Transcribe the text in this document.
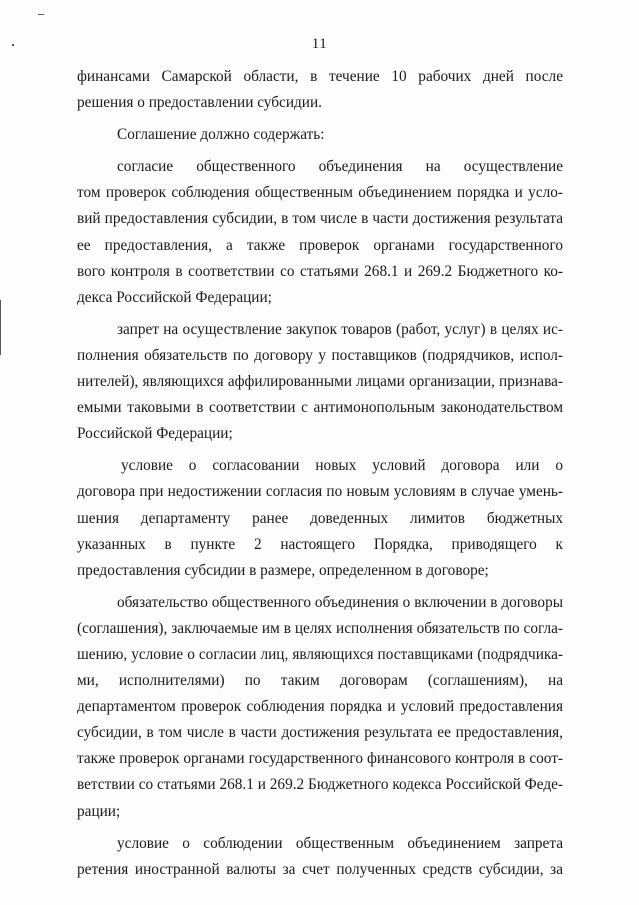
11
финансами Самарской области, в течение 10 рабочих дней после
решения о предоставлении субсидии.
Соглашение должно содержать:
согласие общественного объединения на осуществление
том проверок соблюдения общественным объединением порядка и усло-
вий предоставления субсидии, в том числе в части достижения результата
ее предоставления, а также проверок органами государственного
вого контроля в соответствии со статьями 268.1 и 269.2 Бюджетного ко-
декса Российской Федерации;
запрет на осуществление закупок товаров (работ, услуг) в целях ис-
полнения обязательств по договору у поставщиков (подрядчиков, испол-
нителей), являющихся аффилированными лицами организации, признава-
емыми таковыми в соответствии с антимонопольным законодательством
Российской Федерации;
условие о согласовании новых условий договора или о
договора при недостижении согласия по новым условиям в случае умень-
шения департаменту ранее доведенных лимитов бюджетных
указанных в пункте 2 настоящего Порядка, приводящего к
предоставления субсидии в размере, определенном в договоре;
обязательство общественного объединения о включении в договоры
(соглашения), заключаемые им в целях исполнения обязательств по согла-
шению, условие о согласии лиц, являющихся поставщиками (подрядчика-
ми, исполнителями) по таким договорам (соглашениям), на
департаментом проверок соблюдения порядка и условий предоставления
субсидии, в том числе в части достижения результата ее предоставления,
также проверок органами государственного финансового контроля в соот-
ветствии со статьями 268.1 и 269.2 Бюджетного кодекса Российской Феде-
рации;
условие о соблюдении общественным объединением запрета
ретения иностранной валюты за счет полученных средств субсидии, за
